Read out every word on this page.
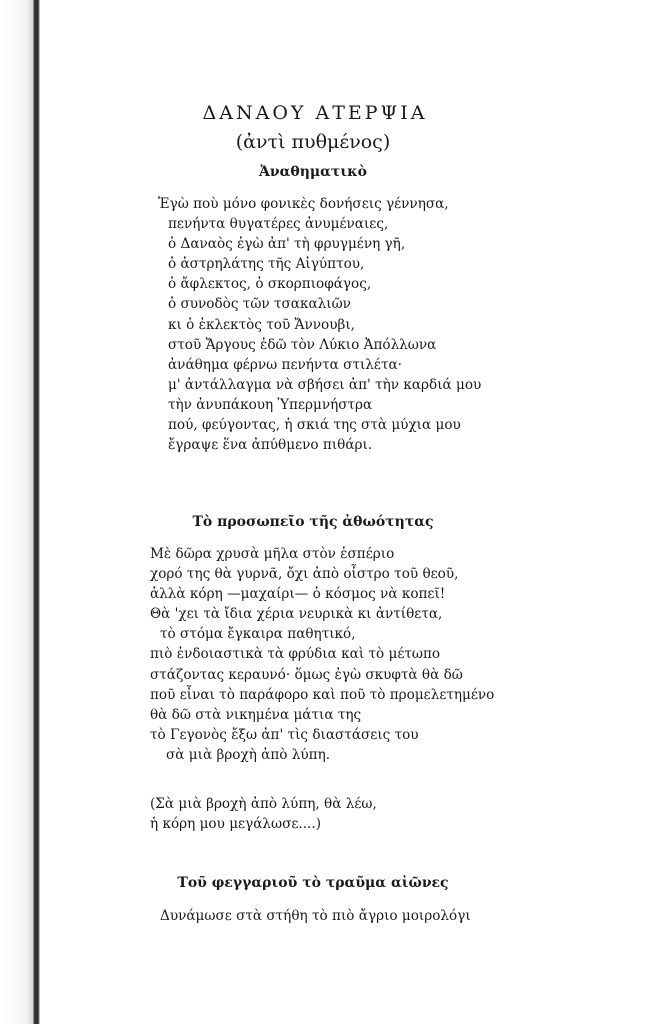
ΔΑΝΑΟΥ ΑΤΕΡΨΙΑ
(ἀντὶ πυθμένος)
Ἀναθηματικὸ
Ἐγὼ ποὺ μόνο φονικὲς δονήσεις γέννησα,
πενήντα θυγατέρες ἀνυμέναιες,
ὁ Δαναὸς ἐγὼ ἀπ' τὴ φρυγμένη γῆ,
ὁ ἀστρηλάτης τῆς Αἰγύπτου,
ὁ ἄφλεκτος, ὁ σκορπιοφάγος,
ὁ συνοδὸς τῶν τσακαλιῶν
κι ὁ ἐκλεκτὸς τοῦ Ἄννουβι,
στοῦ Ἄργους ἐδῶ τὸν Λύκιο Ἀπόλλωνα
ἀνάθημα φέρνω πενήντα στιλέτα·
μ' ἀντάλλαγμα νὰ σβήσει ἀπ' τὴν καρδιά μου
τὴν ἀνυπάκουη Ὑπερμνήστρα
πού, φεύγοντας, ἡ σκιά της στὰ μύχια μου
ἔγραψε ἕνα ἀπύθμενο πιθάρι.
Τὸ προσωπεῖο τῆς ἀθωότητας
Μὲ δῶρα χρυσὰ μῆλα στὸν ἑσπέριο
χορό της θὰ γυρνᾶ, ὄχι ἀπὸ οἶστρο τοῦ θεοῦ,
ἀλλὰ κόρη —μαχαίρι— ὁ κόσμος νὰ κοπεῖ!
Θὰ 'χει τὰ ἴδια χέρια νευρικὰ κι ἀντίθετα,
τὸ στόμα ἔγκαιρα παθητικό,
πιὸ ἐνδοιαστικὰ τὰ φρύδια καὶ τὸ μέτωπο
στάζοντας κεραυνό· ὅμως ἐγὼ σκυφτὰ θὰ δῶ
ποῦ εἶναι τὸ παράφορο καὶ ποῦ τὸ προμελετημένο
θὰ δῶ στὰ νικημένα μάτια της
τὸ Γεγονὸς ἔξω ἀπ' τὶς διαστάσεις του
σὰ μιὰ βροχὴ ἀπὸ λύπη.
(Σὰ μιὰ βροχὴ ἀπὸ λύπη, θὰ λέω,
ἡ κόρη μου μεγάλωσε....)
Τοῦ φεγγαριοῦ τὸ τραῦμα αἰῶνες
Δυνάμωσε στὰ στήθη τὸ πιὸ ἄγριο μοιρολόγι
